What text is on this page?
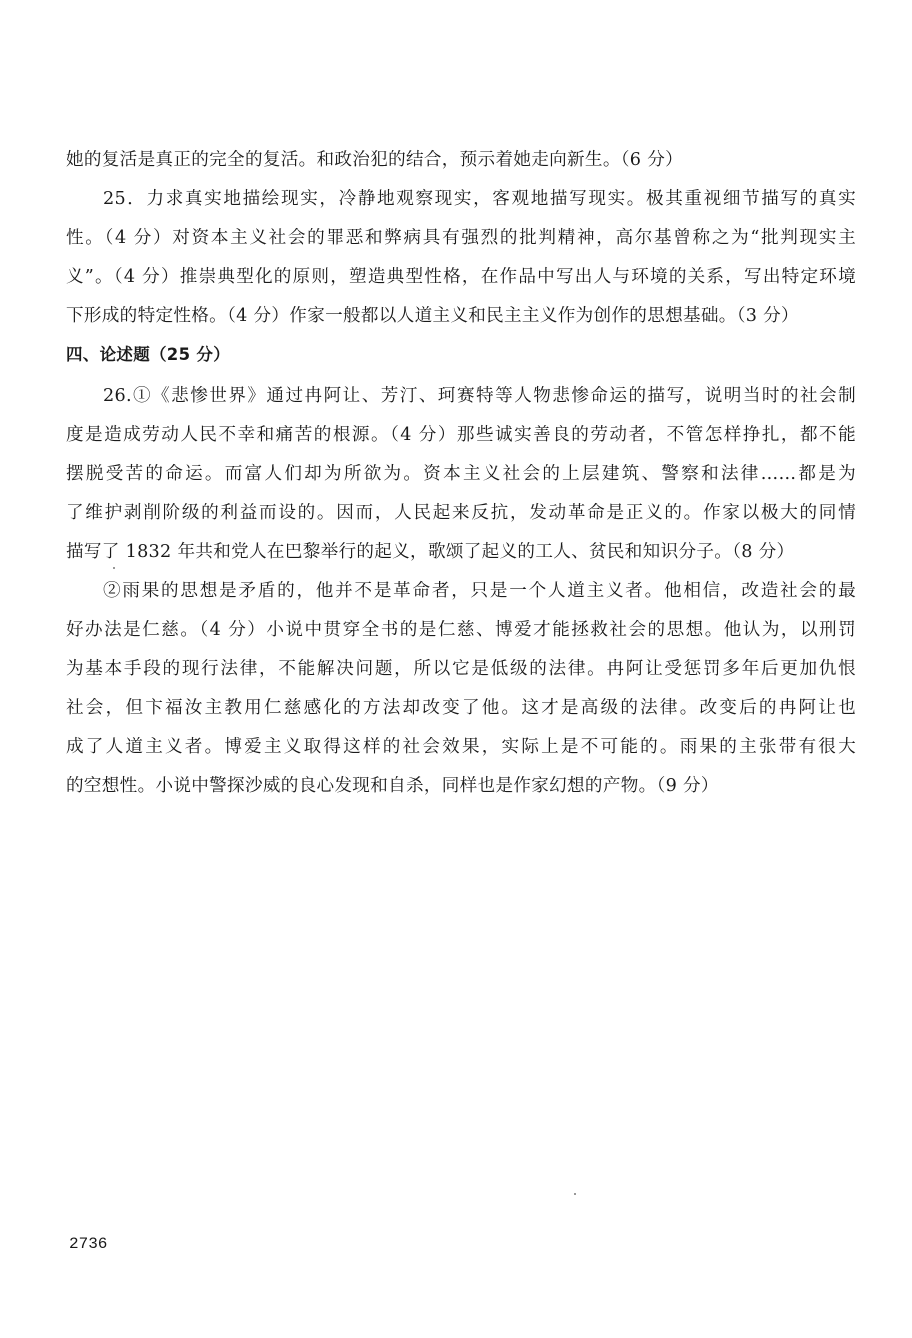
她的复活是真正的完全的复活。和政治犯的结合，预示着她走向新生。（6 分）
25．力求真实地描绘现实，冷静地观察现实，客观地描写现实。极其重视细节描写的真实
性。（4 分）对资本主义社会的罪恶和弊病具有强烈的批判精神，高尔基曾称之为“批判现实主
义”。（4 分）推崇典型化的原则，塑造典型性格，在作品中写出人与环境的关系，写出特定环境
下形成的特定性格。（4 分）作家一般都以人道主义和民主主义作为创作的思想基础。（3 分）
四、论述题（25 分）
26.①《悲惨世界》通过冉阿让、芳汀、珂赛特等人物悲惨命运的描写，说明当时的社会制
度是造成劳动人民不幸和痛苦的根源。（4 分）那些诚实善良的劳动者，不管怎样挣扎，都不能
摆脱受苦的命运。而富人们却为所欲为。资本主义社会的上层建筑、警察和法律……都是为
了维护剥削阶级的利益而设的。因而，人民起来反抗，发动革命是正义的。作家以极大的同情
描写了 1832 年共和党人在巴黎举行的起义，歌颂了起义的工人、贫民和知识分子。（8 分）
②雨果的思想是矛盾的，他并不是革命者，只是一个人道主义者。他相信，改造社会的最
好办法是仁慈。（4 分）小说中贯穿全书的是仁慈、博爱才能拯救社会的思想。他认为，以刑罚
为基本手段的现行法律，不能解决问题，所以它是低级的法律。冉阿让受惩罚多年后更加仇恨
社会，但卞福汝主教用仁慈感化的方法却改变了他。这才是高级的法律。改变后的冉阿让也
成了人道主义者。博爱主义取得这样的社会效果，实际上是不可能的。雨果的主张带有很大
的空想性。小说中警探沙威的良心发现和自杀，同样也是作家幻想的产物。（9 分）
2736
